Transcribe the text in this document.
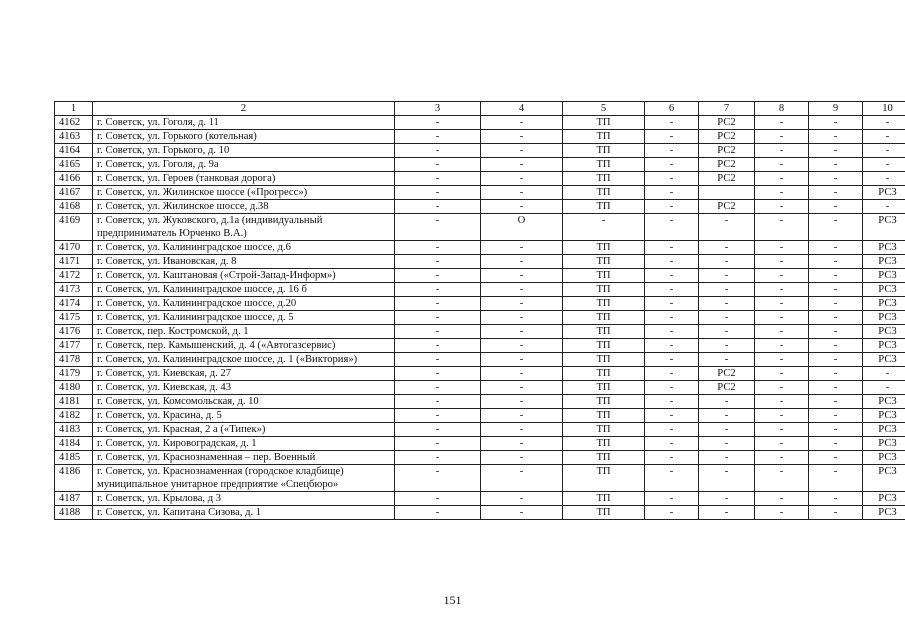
1	2	3	4	5	6	7	8	9	10
4162	г. Советск, ул. Гоголя, д. 11	-	-	ТП	-	РС2	-	-	-
4163	г. Советск, ул. Горького (котельная)	-	-	ТП	-	РС2	-	-	-
4164	г. Советск, ул. Горького, д. 10	-	-	ТП	-	РС2	-	-	-
4165	г. Советск, ул. Гоголя, д. 9а	-	-	ТП	-	РС2	-	-	-
4166	г. Советск, ул. Героев (танковая дорога)	-	-	ТП	-	РС2	-	-	-
4167	г. Советск, ул. Жилинское шоссе («Прогресс»)	-	-	ТП	-		-	-	РС3
4168	г. Советск, ул. Жилинское шоссе, д.38	-	-	ТП	-	РС2	-	-	-
4169	г. Советск, ул. Жуковского, д.1а (индивидуальный предприниматель Юрченко В.А.)	-	О	-	-	-	-	-	РС3
4170	г. Советск, ул. Калининградское шоссе, д.6	-	-	ТП	-	-	-	-	РС3
4171	г. Советск, ул. Ивановская, д. 8	-	-	ТП	-	-	-	-	РС3
4172	г. Советск, ул. Каштановая («Строй-Запад-Информ»)	-	-	ТП	-	-	-	-	РС3
4173	г. Советск, ул. Калининградское шоссе, д. 16 б	-	-	ТП	-	-	-	-	РС3
4174	г. Советск, ул. Калининградское шоссе, д.20	-	-	ТП	-	-	-	-	РС3
4175	г. Советск, ул. Калининградское шоссе, д. 5	-	-	ТП	-	-	-	-	РС3
4176	г. Советск, пер. Костромской, д. 1	-	-	ТП	-	-	-	-	РС3
4177	г. Советск, пер. Камышенский, д. 4 («Автогазсервис)	-	-	ТП	-	-	-	-	РС3
4178	г. Советск, ул. Калининградское шоссе, д. 1 («Виктория»)	-	-	ТП	-	-	-	-	РС3
4179	г. Советск, ул. Киевская, д. 27	-	-	ТП	-	РС2	-	-	-
4180	г. Советск, ул. Киевская, д. 43	-	-	ТП	-	РС2	-	-	-
4181	г. Советск, ул. Комсомольская, д. 10	-	-	ТП	-	-	-	-	РС3
4182	г. Советск, ул. Красина, д. 5	-	-	ТП	-	-	-	-	РС3
4183	г. Советск, ул. Красная, 2 а («Типек»)	-	-	ТП	-	-	-	-	РС3
4184	г. Советск, ул. Кировоградская, д. 1	-	-	ТП	-	-	-	-	РС3
4185	г. Советск, ул. Краснознаменная – пер. Военный	-	-	ТП	-	-	-	-	РС3
4186	г. Советск, ул. Краснознаменная (городское кладбище) муниципальное унитарное предприятие «Спецбюро»	-	-	ТП	-	-	-	-	РС3
4187	г. Советск, ул. Крылова, д 3	-	-	ТП	-	-	-	-	РС3
4188	г. Советск, ул. Капитана Сизова, д. 1	-	-	ТП	-	-	-	-	РС3
151
